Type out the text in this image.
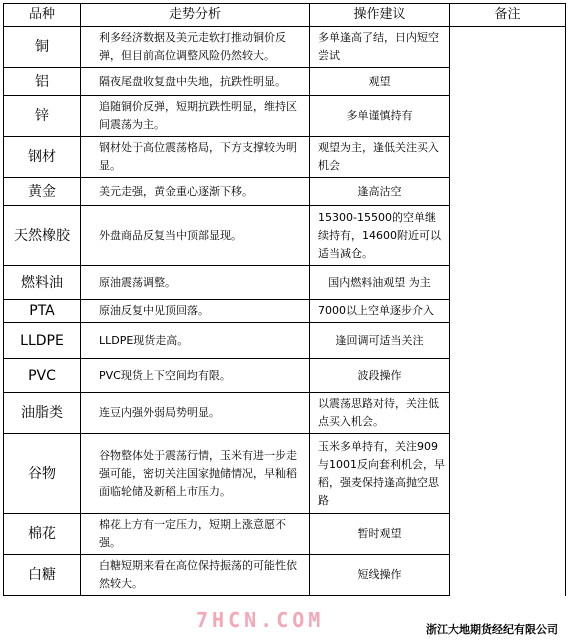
品种	走势分析	操作建议	备注
铜	利多经济数据及美元走软打推动铜价反弹，但目前高位调整风险仍然较大。	多单逢高了结，日内短空尝试	
铝	隔夜尾盘收复盘中失地，抗跌性明显。	观望	
锌	追随铜价反弹，短期抗跌性明显，维持区间震荡为主。	多单谨慎持有	
钢材	钢材处于高位震荡格局，下方支撑较为明显。	观望为主，逢低关注买入机会	
黄金	美元走强，黄金重心逐渐下移。	逢高沽空	
天然橡胶	外盘商品反复当中顶部显现。	15300-15500的空单继续持有，14600附近可以适当减仓。	
燃料油	原油震荡调整。	国内燃料油观望 为主	
PTA	原油反复中见顶回落。	7000以上空单逐步介入	
LLDPE	LLDPE现货走高。	逢回调可适当关注	
PVC	PVC现货上下空间均有限。	波段操作	
油脂类	连豆内强外弱局势明显。	以震荡思路对待，关注低点买入机会。	
谷物	谷物整体处于震荡行情，玉米有进一步走强可能，密切关注国家抛储情况，早籼稻面临轮储及新稻上市压力。	玉米多单持有，关注909与1001反向套利机会，早稻，强麦保持逢高抛空思路	
棉花	棉花上方有一定压力，短期上涨意愿不强。	暂时观望	
白糖	白糖短期来看在高位保持振荡的可能性依然较大。	短线操作	
7HCN.COM	浙江大地期货经纪有限公司
